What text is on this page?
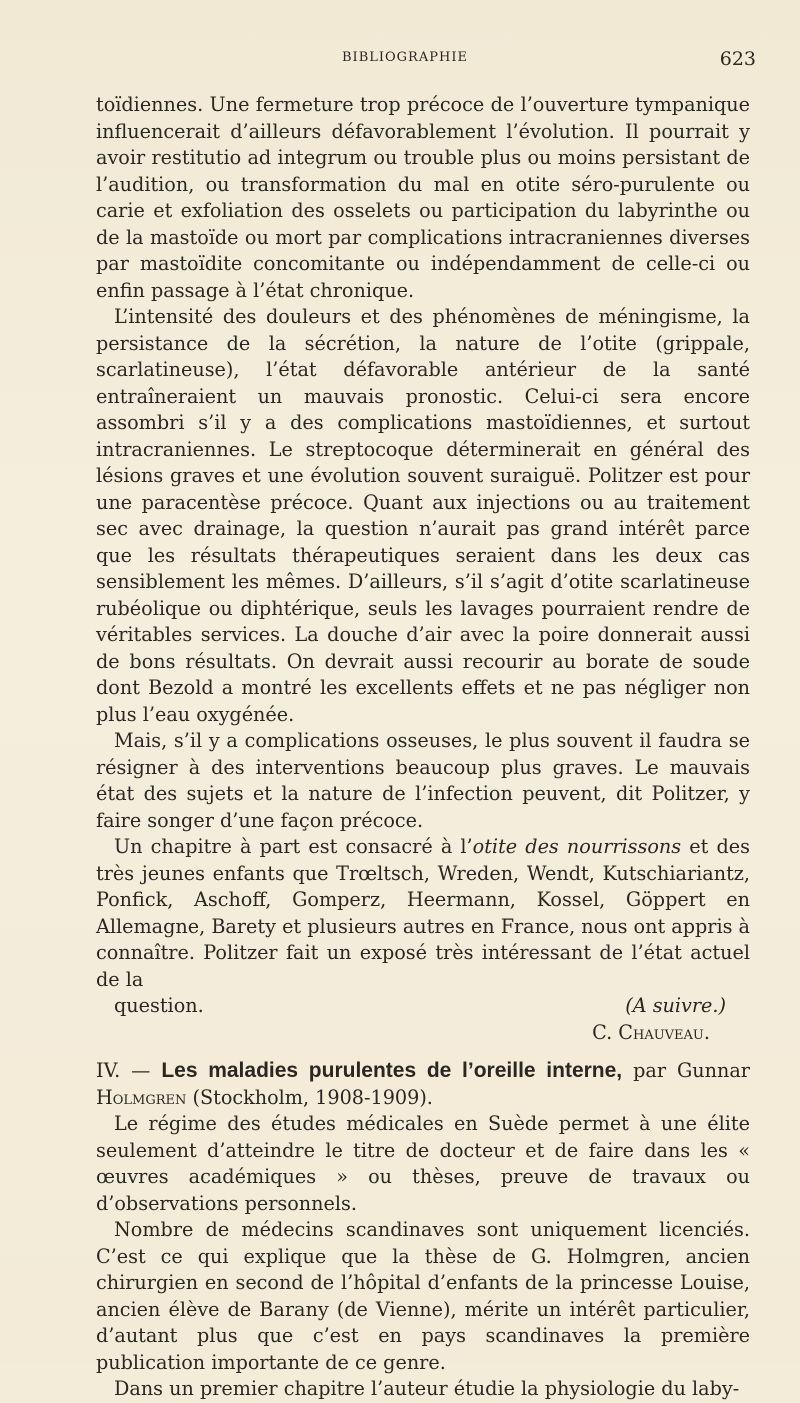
BIBLIOGRAPHIE	623

toïdiennes. Une fermeture trop précoce de l’ouverture tympanique influencerait d’ailleurs défavorablement l’évolution. Il pourrait y avoir restitutio ad integrum ou trouble plus ou moins persistant de l’audition, ou transformation du mal en otite séro-purulente ou carie et exfoliation des osselets ou participation du labyrinthe ou de la mastoïde ou mort par complications intracraniennes diverses par mastoïdite concomitante ou indépendamment de celle-ci ou enfin passage à l’état chronique.

L’intensité des douleurs et des phénomènes de méningisme, la persistance de la sécrétion, la nature de l’otite (grippale, scarlatineuse), l’état défavorable antérieur de la santé entraîneraient un mauvais pronostic. Celui-ci sera encore assombri s’il y a des complications mastoïdiennes, et surtout intracraniennes. Le streptocoque déterminerait en général des lésions graves et une évolution souvent suraiguë. Politzer est pour une paracentèse précoce. Quant aux injections ou au traitement sec avec drainage, la question n’aurait pas grand intérêt parce que les résultats thérapeutiques seraient dans les deux cas sensiblement les mêmes. D’ailleurs, s’il s’agit d’otite scarlatineuse rubéolique ou diphtérique, seuls les lavages pourraient rendre de véritables services. La douche d’air avec la poire donnerait aussi de bons résultats. On devrait aussi recourir au borate de soude dont Bezold a montré les excellents effets et ne pas négliger non plus l’eau oxygénée.

Mais, s’il y a complications osseuses, le plus souvent il faudra se résigner à des interventions beaucoup plus graves. Le mauvais état des sujets et la nature de l’infection peuvent, dit Politzer, y faire songer d’une façon précoce.

Un chapitre à part est consacré à l’otite des nourrissons et des très jeunes enfants que Trœltsch, Wreden, Wendt, Kutschiariantz, Ponfick, Aschoff, Gomperz, Heermann, Kossel, Göppert en Allemagne, Barety et plusieurs autres en France, nous ont appris à connaître. Politzer fait un exposé très intéressant de l’état actuel de la

question.	(A suivre.)

C. Chauveau.

IV. — Les maladies purulentes de l’oreille interne, par Gunnar Holmgren (Stockholm, 1908-1909).

Le régime des études médicales en Suède permet à une élite seulement d’atteindre le titre de docteur et de faire dans les « œuvres académiques » ou thèses, preuve de travaux ou d’observations personnels.

Nombre de médecins scandinaves sont uniquement licenciés. C’est ce qui explique que la thèse de G. Holmgren, ancien chirurgien en second de l’hôpital d’enfants de la princesse Louise, ancien élève de Barany (de Vienne), mérite un intérêt particulier, d’autant plus que c’est en pays scandinaves la première publication importante de ce genre.

Dans un premier chapitre l’auteur étudie la physiologie du laby-
